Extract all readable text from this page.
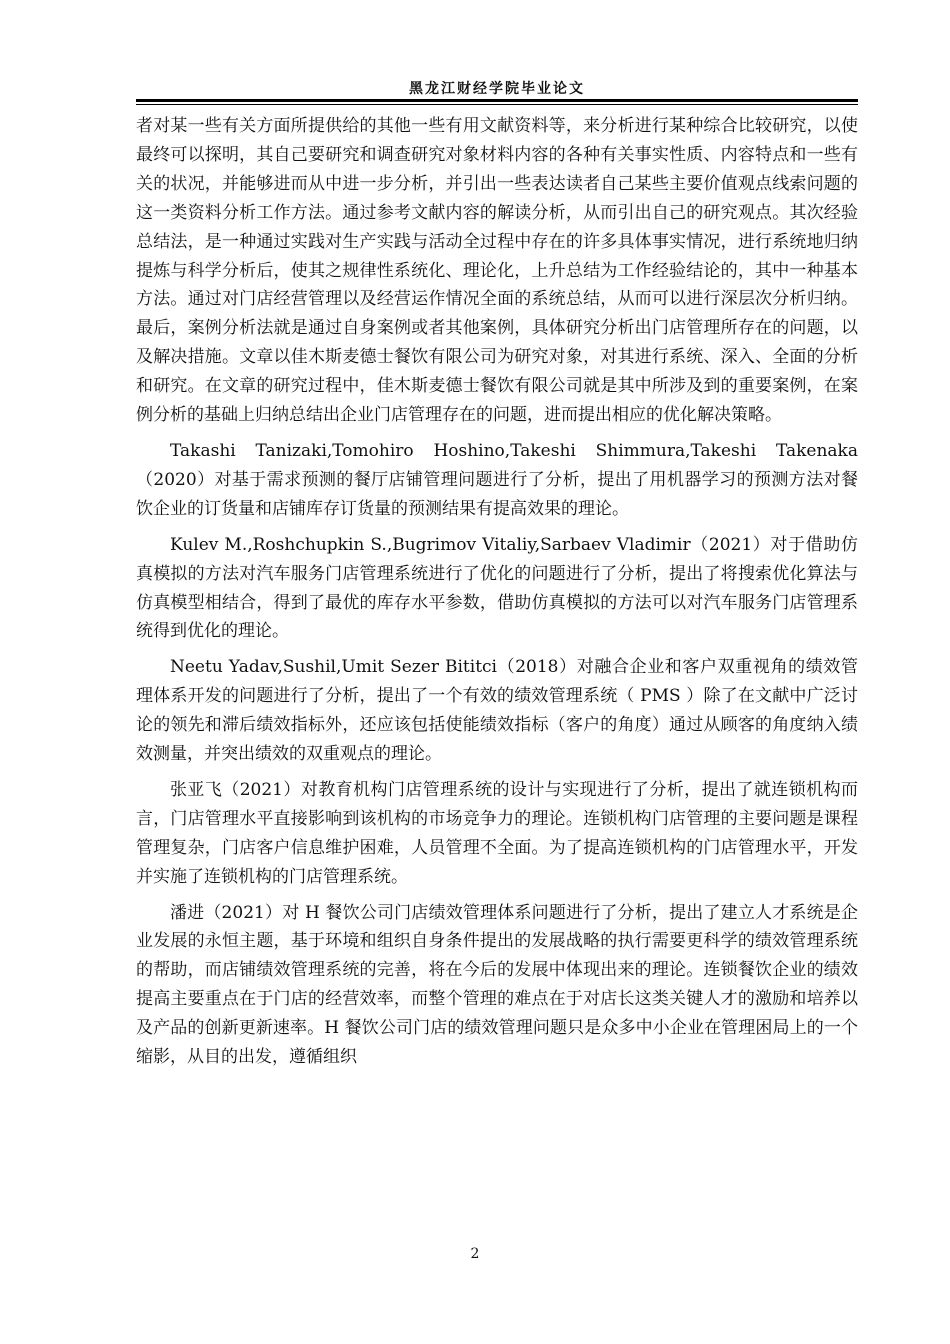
黑龙江财经学院毕业论文

者对某一些有关方面所提供给的其他一些有用文献资料等，来分析进行某种综合比较研究，以使最终可以探明，其自己要研究和调查研究对象材料内容的各种有关事实性质、内容特点和一些有关的状况，并能够进而从中进一步分析，并引出一些表达读者自己某些主要价值观点线索问题的这一类资料分析工作方法。通过参考文献内容的解读分析，从而引出自己的研究观点。其次经验总结法，是一种通过实践对生产实践与活动全过程中存在的许多具体事实情况，进行系统地归纳提炼与科学分析后，使其之规律性系统化、理论化，上升总结为工作经验结论的，其中一种基本方法。通过对门店经营管理以及经营运作情况全面的系统总结，从而可以进行深层次分析归纳。最后，案例分析法就是通过自身案例或者其他案例，具体研究分析出门店管理所存在的问题，以及解决措施。文章以佳木斯麦德士餐饮有限公司为研究对象，对其进行系统、深入、全面的分析和研究。在文章的研究过程中，佳木斯麦德士餐饮有限公司就是其中所涉及到的重要案例，在案例分析的基础上归纳总结出企业门店管理存在的问题，进而提出相应的优化解决策略。

Takashi Tanizaki,Tomohiro Hoshino,Takeshi Shimmura,Takeshi Takenaka（2020）对基于需求预测的餐厅店铺管理问题进行了分析，提出了用机器学习的预测方法对餐饮企业的订货量和店铺库存订货量的预测结果有提高效果的理论。

Kulev M.,Roshchupkin S.,Bugrimov Vitaliy,Sarbaev Vladimir（2021）对于借助仿真模拟的方法对汽车服务门店管理系统进行了优化的问题进行了分析，提出了将搜索优化算法与仿真模型相结合，得到了最优的库存水平参数，借助仿真模拟的方法可以对汽车服务门店管理系统得到优化的理论。

Neetu Yadav,Sushil,Umit Sezer Bititci（2018）对融合企业和客户双重视角的绩效管理体系开发的问题进行了分析，提出了一个有效的绩效管理系统（ PMS ）除了在文献中广泛讨论的领先和滞后绩效指标外，还应该包括使能绩效指标（客户的角度）通过从顾客的角度纳入绩效测量，并突出绩效的双重观点的理论。

张亚飞（2021）对教育机构门店管理系统的设计与实现进行了分析，提出了就连锁机构而言，门店管理水平直接影响到该机构的市场竞争力的理论。连锁机构门店管理的主要问题是课程管理复杂，门店客户信息维护困难，人员管理不全面。为了提高连锁机构的门店管理水平，开发并实施了连锁机构的门店管理系统。

潘进（2021）对 H 餐饮公司门店绩效管理体系问题进行了分析，提出了建立人才系统是企业发展的永恒主题，基于环境和组织自身条件提出的发展战略的执行需要更科学的绩效管理系统的帮助，而店铺绩效管理系统的完善，将在今后的发展中体现出来的理论。连锁餐饮企业的绩效提高主要重点在于门店的经营效率，而整个管理的难点在于对店长这类关键人才的激励和培养以及产品的创新更新速率。H 餐饮公司门店的绩效管理问题只是众多中小企业在管理困局上的一个缩影，从目的出发，遵循组织

2
